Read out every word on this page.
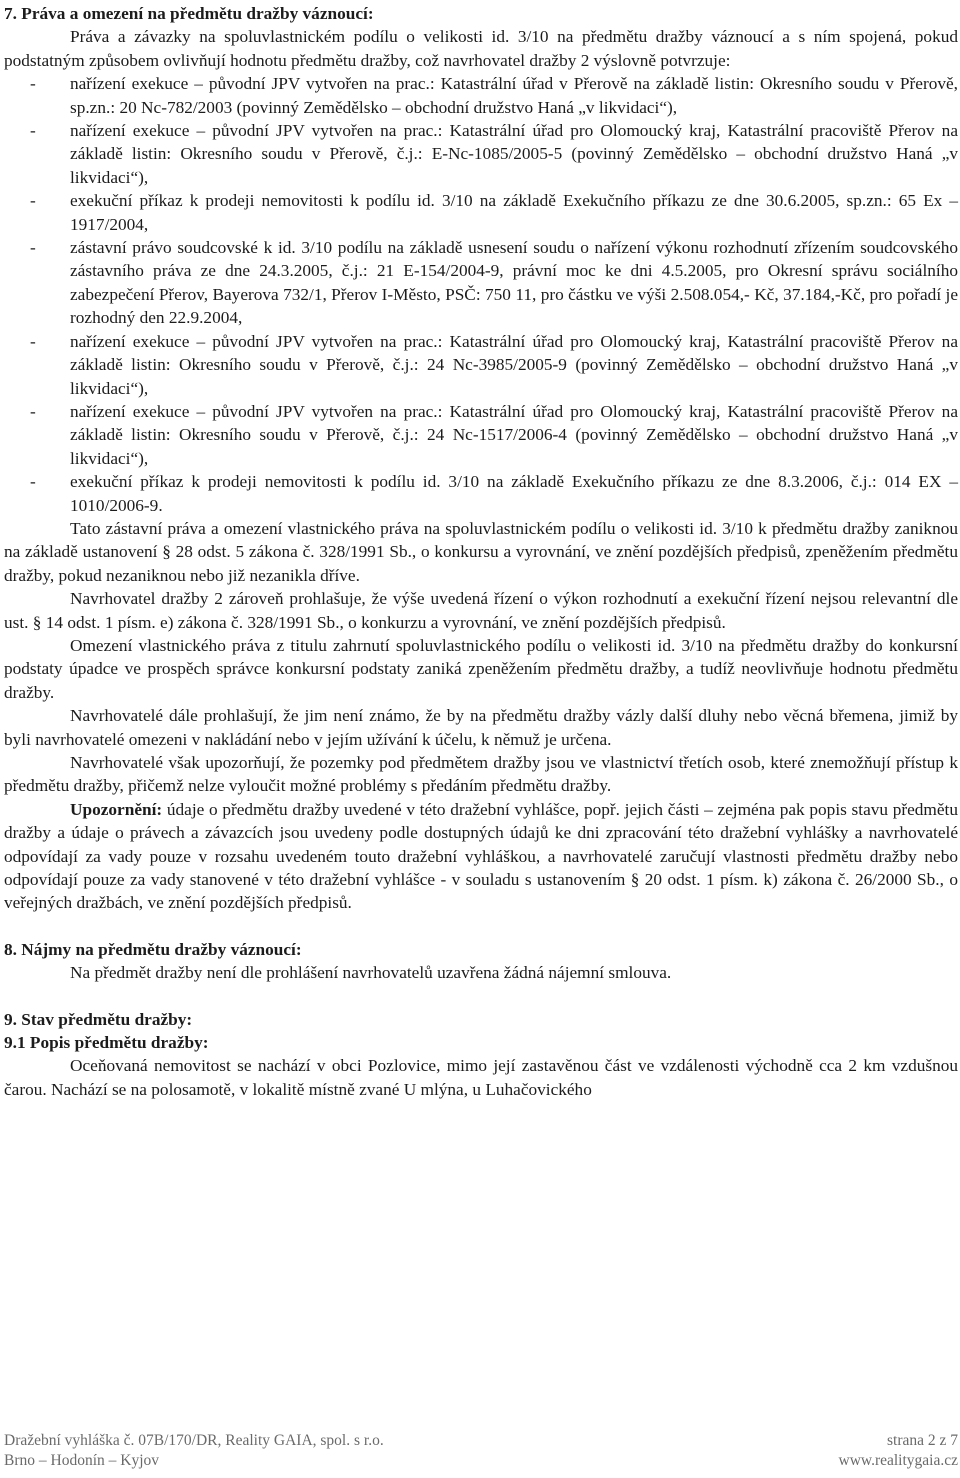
7. Práva a omezení na předmětu dražby váznoucí:

Práva a závazky na spoluvlastnickém podílu o velikosti id. 3/10 na předmětu dražby váznoucí a s ním spojená, pokud podstatným způsobem ovlivňují hodnotu předmětu dražby, což navrhovatel dražby 2 výslovně potvrzuje:

- nařízení exekuce – původní JPV vytvořen na prac.: Katastrální úřad v Přerově na základě listin: Okresního soudu v Přerově, sp.zn.: 20 Nc-782/2003 (povinný Zemědělsko – obchodní družstvo Haná „v likvidaci“),

- nařízení exekuce – původní JPV vytvořen na prac.: Katastrální úřad pro Olomoucký kraj, Katastrální pracoviště Přerov na základě listin: Okresního soudu v Přerově, č.j.: E-Nc-1085/2005-5 (povinný Zemědělsko – obchodní družstvo Haná „v likvidaci“),

- exekuční příkaz k prodeji nemovitosti k podílu id. 3/10 na základě Exekučního příkazu ze dne 30.6.2005, sp.zn.: 65 Ex – 1917/2004,

- zástavní právo soudcovské k id. 3/10 podílu na základě usnesení soudu o nařízení výkonu rozhodnutí zřízením soudcovského zástavního práva ze dne 24.3.2005, č.j.: 21 E-154/2004-9, právní moc ke dni 4.5.2005, pro Okresní správu sociálního zabezpečení Přerov, Bayerova 732/1, Přerov I-Město, PSČ: 750 11, pro částku ve výši 2.508.054,- Kč, 37.184,-Kč, pro pořadí je rozhodný den 22.9.2004,

- nařízení exekuce – původní JPV vytvořen na prac.: Katastrální úřad pro Olomoucký kraj, Katastrální pracoviště Přerov na základě listin: Okresního soudu v Přerově, č.j.: 24 Nc-3985/2005-9 (povinný Zemědělsko – obchodní družstvo Haná „v likvidaci“),

- nařízení exekuce – původní JPV vytvořen na prac.: Katastrální úřad pro Olomoucký kraj, Katastrální pracoviště Přerov na základě listin: Okresního soudu v Přerově, č.j.: 24 Nc-1517/2006-4 (povinný Zemědělsko – obchodní družstvo Haná „v likvidaci“),

- exekuční příkaz k prodeji nemovitosti k podílu id. 3/10 na základě Exekučního příkazu ze dne 8.3.2006, č.j.: 014 EX – 1010/2006-9.

Tato zástavní práva a omezení vlastnického práva na spoluvlastnickém podílu o velikosti id. 3/10 k předmětu dražby zaniknou na základě ustanovení § 28 odst. 5 zákona č. 328/1991 Sb., o konkursu a vyrovnání, ve znění pozdějších předpisů, zpeněžením předmětu dražby, pokud nezaniknou nebo již nezanikla dříve.

Navrhovatel dražby 2 zároveň prohlašuje, že výše uvedená řízení o výkon rozhodnutí a exekuční řízení nejsou relevantní dle ust. § 14 odst. 1 písm. e) zákona č. 328/1991 Sb., o konkurzu a vyrovnání, ve znění pozdějších předpisů.

Omezení vlastnického práva z titulu zahrnutí spoluvlastnického podílu o velikosti id. 3/10 na předmětu dražby do konkursní podstaty úpadce ve prospěch správce konkursní podstaty zaniká zpeněžením předmětu dražby, a tudíž neovlivňuje hodnotu předmětu dražby.

Navrhovatelé dále prohlašují, že jim není známo, že by na předmětu dražby vázly další dluhy nebo věcná břemena, jimiž by byli navrhovatelé omezeni v nakládání nebo v jejím užívání k účelu, k němuž je určena.

Navrhovatelé však upozorňují, že pozemky pod předmětem dražby jsou ve vlastnictví třetích osob, které znemožňují přístup k předmětu dražby, přičemž nelze vyloučit možné problémy s předáním předmětu dražby.

Upozornění: údaje o předmětu dražby uvedené v této dražební vyhlášce, popř. jejich části – zejména pak popis stavu předmětu dražby a údaje o právech a závazcích jsou uvedeny podle dostupných údajů ke dni zpracování této dražební vyhlášky a navrhovatelé odpovídají za vady pouze v rozsahu uvedeném touto dražební vyhláškou, a navrhovatelé zaručují vlastnosti předmětu dražby nebo odpovídají pouze za vady stanovené v této dražební vyhlášce - v souladu s ustanovením § 20 odst. 1 písm. k) zákona č. 26/2000 Sb., o veřejných dražbách, ve znění pozdějších předpisů.

8. Nájmy na předmětu dražby váznoucí:

Na předmět dražby není dle prohlášení navrhovatelů uzavřena žádná nájemní smlouva.

9. Stav předmětu dražby:

9.1 Popis předmětu dražby:

Oceňovaná nemovitost se nachází v obci Pozlovice, mimo její zastavěnou část ve vzdálenosti východně cca 2 km vzdušnou čarou. Nachází se na polosamotě, v lokalitě místně zvané U mlýna, u Luhačovického

Dražební vyhláška č. 07B/170/DR, Reality GAIA, spol. s r.o.	strana 2 z 7
Brno – Hodonín – Kyjov	www.realitygaia.cz
